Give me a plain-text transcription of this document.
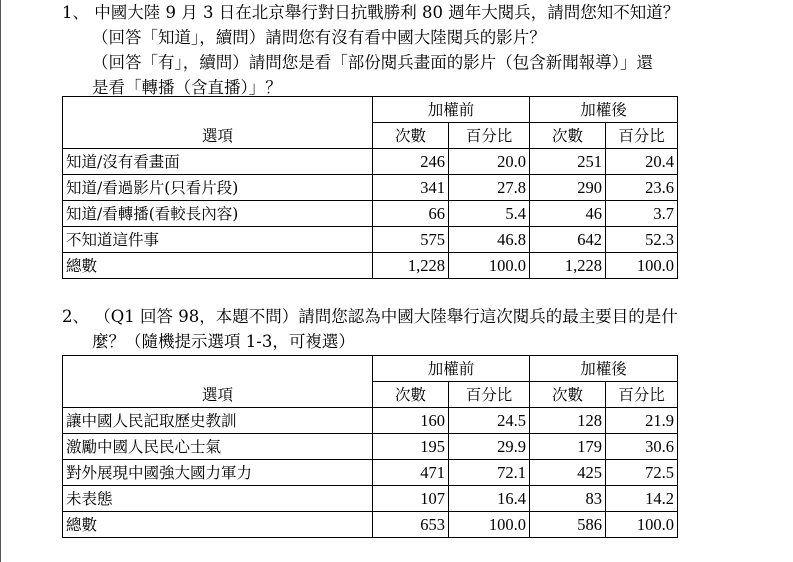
1、 中國大陸 9 月 3 日在北京舉行對日抗戰勝利 80 週年大閱兵，請問您知不知道？
（回答「知道」，續問）請問您有沒有看中國大陸閱兵的影片？
（回答「有」，續問）請問您是看「部份閱兵畫面的影片（包含新聞報導）」還
是看「轉播（含直播）」？
選項	加權前		加權後	
	次數	百分比	次數	百分比
知道/沒有看畫面	246	20.0	251	20.4
知道/看過影片(只看片段)	341	27.8	290	23.6
知道/看轉播(看較長內容)	66	5.4	46	3.7
不知道這件事	575	46.8	642	52.3
總數	1,228	100.0	1,228	100.0
2、 （Q1 回答 98，本題不問）請問您認為中國大陸舉行這次閱兵的最主要目的是什
麼？（隨機提示選項 1-3，可複選）
選項	加權前		加權後	
	次數	百分比	次數	百分比
讓中國人民記取歷史教訓	160	24.5	128	21.9
激勵中國人民民心士氣	195	29.9	179	30.6
對外展現中國強大國力軍力	471	72.1	425	72.5
未表態	107	16.4	83	14.2
總數	653	100.0	586	100.0
